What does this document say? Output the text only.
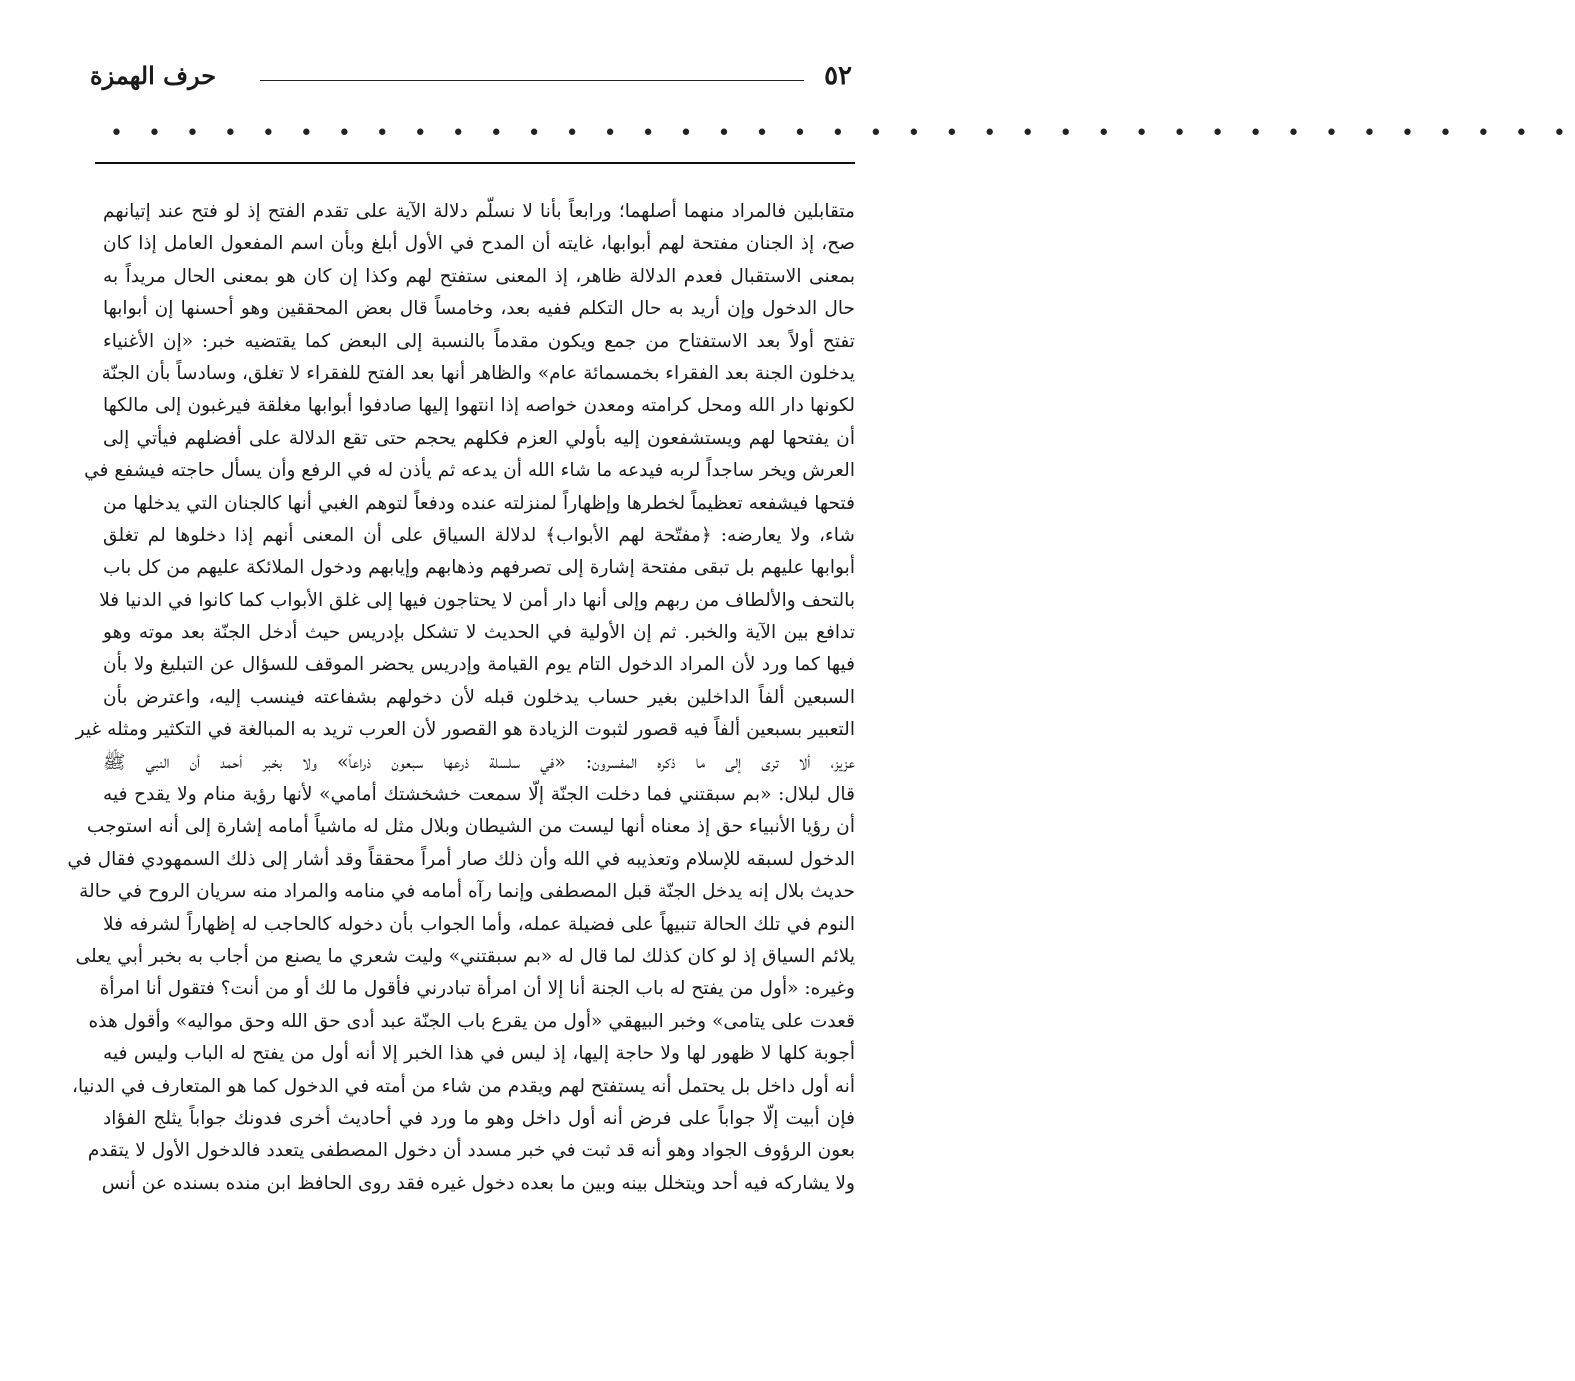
٥٢
حرف الهمزة
• • • • • • • • • • • • • • • • • • • • • • • • • • • • • • • • • • • • • • •
متقابلين فالمراد منهما أصلهما؛ ورابعاً بأنا لا نسلّم دلالة الآية على تقدم الفتح إذ لو فتح عند إتيانهم
صح، إذ الجنان مفتحة لهم أبوابها، غايته أن المدح في الأول أبلغ وبأن اسم المفعول العامل إذا كان
بمعنى الاستقبال فعدم الدلالة ظاهر، إذ المعنى ستفتح لهم وكذا إن كان هو بمعنى الحال مريداً به
حال الدخول وإن أريد به حال التكلم ففيه بعد، وخامساً قال بعض المحققين وهو أحسنها إن أبوابها
تفتح أولاً بعد الاستفتاح من جمع ويكون مقدماً بالنسبة إلى البعض كما يقتضيه خبر: «إن الأغنياء
يدخلون الجنة بعد الفقراء بخمسمائة عام» والظاهر أنها بعد الفتح للفقراء لا تغلق، وسادساً بأن الجنّة
لكونها دار الله ومحل كرامته ومعدن خواصه إذا انتهوا إليها صادفوا أبوابها مغلقة فيرغبون إلى مالكها
أن يفتحها لهم ويستشفعون إليه بأولي العزم فكلهم يحجم حتى تقع الدلالة على أفضلهم فيأتي إلى
العرش ويخر ساجداً لربه فيدعه ما شاء الله أن يدعه ثم يأذن له في الرفع وأن يسأل حاجته فيشفع في
فتحها فيشفعه تعظيماً لخطرها وإظهاراً لمنزلته عنده ودفعاً لتوهم الغبي أنها كالجنان التي يدخلها من
شاء، ولا يعارضه: ﴿مفتّحة لهم الأبواب﴾ لدلالة السياق على أن المعنى أنهم إذا دخلوها لم تغلق
أبوابها عليهم بل تبقى مفتحة إشارة إلى تصرفهم وذهابهم وإيابهم ودخول الملائكة عليهم من كل باب
بالتحف والألطاف من ربهم وإلى أنها دار أمن لا يحتاجون فيها إلى غلق الأبواب كما كانوا في الدنيا فلا
تدافع بين الآية والخبر. ثم إن الأولية في الحديث لا تشكل بإدريس حيث أدخل الجنّة بعد موته وهو
فيها كما ورد لأن المراد الدخول التام يوم القيامة وإدريس يحضر الموقف للسؤال عن التبليغ ولا بأن
السبعين ألفاً الداخلين بغير حساب يدخلون قبله لأن دخولهم بشفاعته فينسب إليه، واعترض بأن
التعبير بسبعين ألفاً فيه قصور لثبوت الزيادة هو القصور لأن العرب تريد به المبالغة في التكثير ومثله غير
عزيز، ألا ترى إلى ما ذكره المفسرون: «في سلسلة ذرعها سبعون ذراعاً» ولا بخبر أحمد أن النبي ﷺ
قال لبلال: «بم سبقتني فما دخلت الجنّة إلّا سمعت خشخشتك أمامي» لأنها رؤية منام ولا يقدح فيه
أن رؤيا الأنبياء حق إذ معناه أنها ليست من الشيطان وبلال مثل له ماشياً أمامه إشارة إلى أنه استوجب
الدخول لسبقه للإسلام وتعذيبه في الله وأن ذلك صار أمراً محققاً وقد أشار إلى ذلك السمهودي فقال في
حديث بلال إنه يدخل الجنّة قبل المصطفى وإنما رآه أمامه في منامه والمراد منه سريان الروح في حالة
النوم في تلك الحالة تنبيهاً على فضيلة عمله، وأما الجواب بأن دخوله كالحاجب له إظهاراً لشرفه فلا
يلائم السياق إذ لو كان كذلك لما قال له «بم سبقتني» وليت شعري ما يصنع من أجاب به بخبر أبي يعلى
وغيره: «أول من يفتح له باب الجنة أنا إلا أن امرأة تبادرني فأقول ما لك أو من أنت؟ فتقول أنا امرأة
قعدت على يتامى» وخبر البيهقي «أول من يقرع باب الجنّة عبد أدى حق الله وحق مواليه» وأقول هذه
أجوبة كلها لا ظهور لها ولا حاجة إليها، إذ ليس في هذا الخبر إلا أنه أول من يفتح له الباب وليس فيه
أنه أول داخل بل يحتمل أنه يستفتح لهم ويقدم من شاء من أمته في الدخول كما هو المتعارف في الدنيا،
فإن أبيت إلّا جواباً على فرض أنه أول داخل وهو ما ورد في أحاديث أخرى فدونك جواباً يثلج الفؤاد
بعون الرؤوف الجواد وهو أنه قد ثبت في خبر مسدد أن دخول المصطفى يتعدد فالدخول الأول لا يتقدم
ولا يشاركه فيه أحد ويتخلل بينه وبين ما بعده دخول غيره فقد روى الحافظ ابن منده بسنده عن أنس
